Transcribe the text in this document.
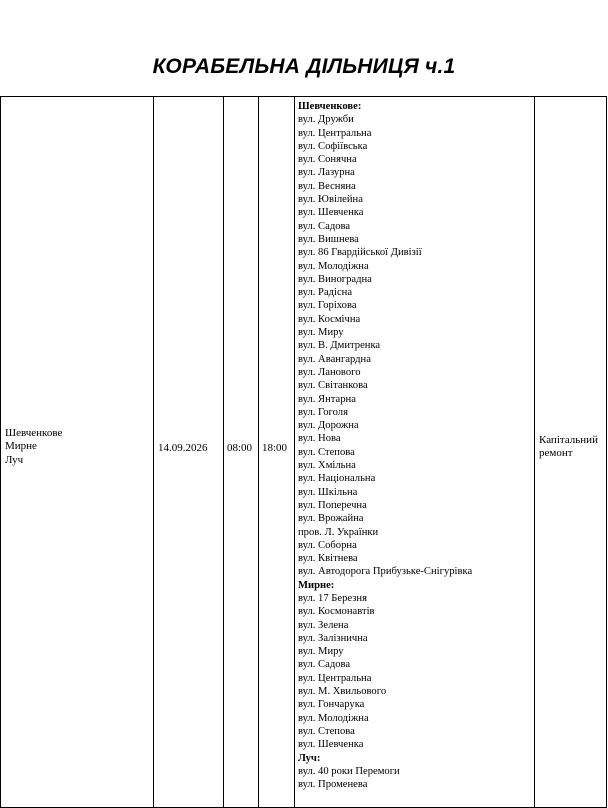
КОРАБЕЛЬНА ДІЛЬНИЦЯ ч.1
Шевченкове
Мирне
Луч
14.09.2026 08:00 18:00
Шевченкове:
вул. Дружби
вул. Центральна
вул. Софіївська
вул. Сонячна
вул. Лазурна
вул. Весняна
вул. Ювілейна
вул. Шевченка
вул. Садова
вул. Вишнева
вул. 86 Гвардійської Дивізії
вул. Молодіжна
вул. Виноградна
вул. Радісна
вул. Горіхова
вул. Космічна
вул. Миру
вул. В. Дмитренка
вул. Авангардна
вул. Ланового
вул. Світанкова
вул. Янтарна
вул. Гоголя
вул. Дорожна
вул. Нова
вул. Степова
вул. Хмільна
вул. Національна
вул. Шкільна
вул. Поперечна
вул. Врожайна
пров. Л. Українки
вул. Соборна
вул. Квітнева
вул. Автодорога Прибузьке-Снігурівка
Мирне:
вул. 17 Березня
вул. Космонавтів
вул. Зелена
вул. Залізнична
вул. Миру
вул. Садова
вул. Центральна
вул. М. Хвильового
вул. Гончарука
вул. Молодіжна
вул. Степова
вул. Шевченка
Луч:
вул. 40 роки Перемоги
вул. Променева
Капітальний
ремонт
